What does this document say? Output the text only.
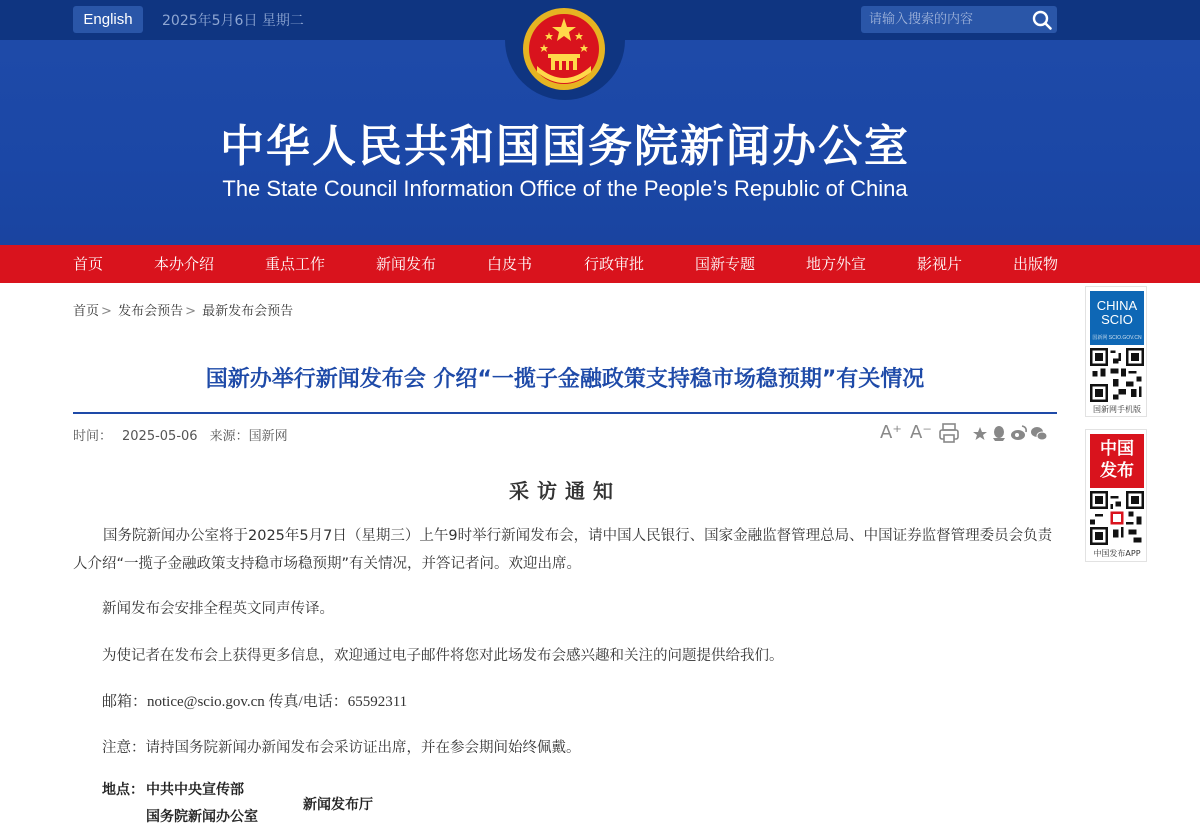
English	2025年5月6日 星期二
请输入搜索的内容
中华人民共和国国务院新闻办公室
The State Council Information Office of the People’s Republic of China
首页	本办介绍	重点工作	新闻发布	白皮书	行政审批	国新专题	地方外宣	影视片	出版物
首页 > 发布会预告 > 最新发布会预告
国新办举行新闻发布会 介绍“一揽子金融政策支持稳市场稳预期”有关情况
时间： 2025-05-06 来源：国新网	A⁺ A⁻
采访通知
国务院新闻办公室将于2025年5月7日（星期三）上午9时举行新闻发布会，请中国人民银行、国家金融监督管理总局、中国证券监督管理委员会负责人介绍“一揽子金融政策支持稳市场稳预期”有关情况，并答记者问。欢迎出席。
新闻发布会安排全程英文同声传译。
为使记者在发布会上获得更多信息，欢迎通过电子邮件将您对此场发布会感兴趣和关注的问题提供给我们。
邮箱：notice@scio.gov.cn 传真/电话：65592311
注意：请持国务院新闻办新闻发布会采访证出席，并在参会期间始终佩戴。
地点： 中共中央宣传部
国务院新闻办公室
新闻发布厅
CHINA
SCIO
国新网 SCIO.GOV.CN
国新网手机版
中国
发布
中国发布APP
